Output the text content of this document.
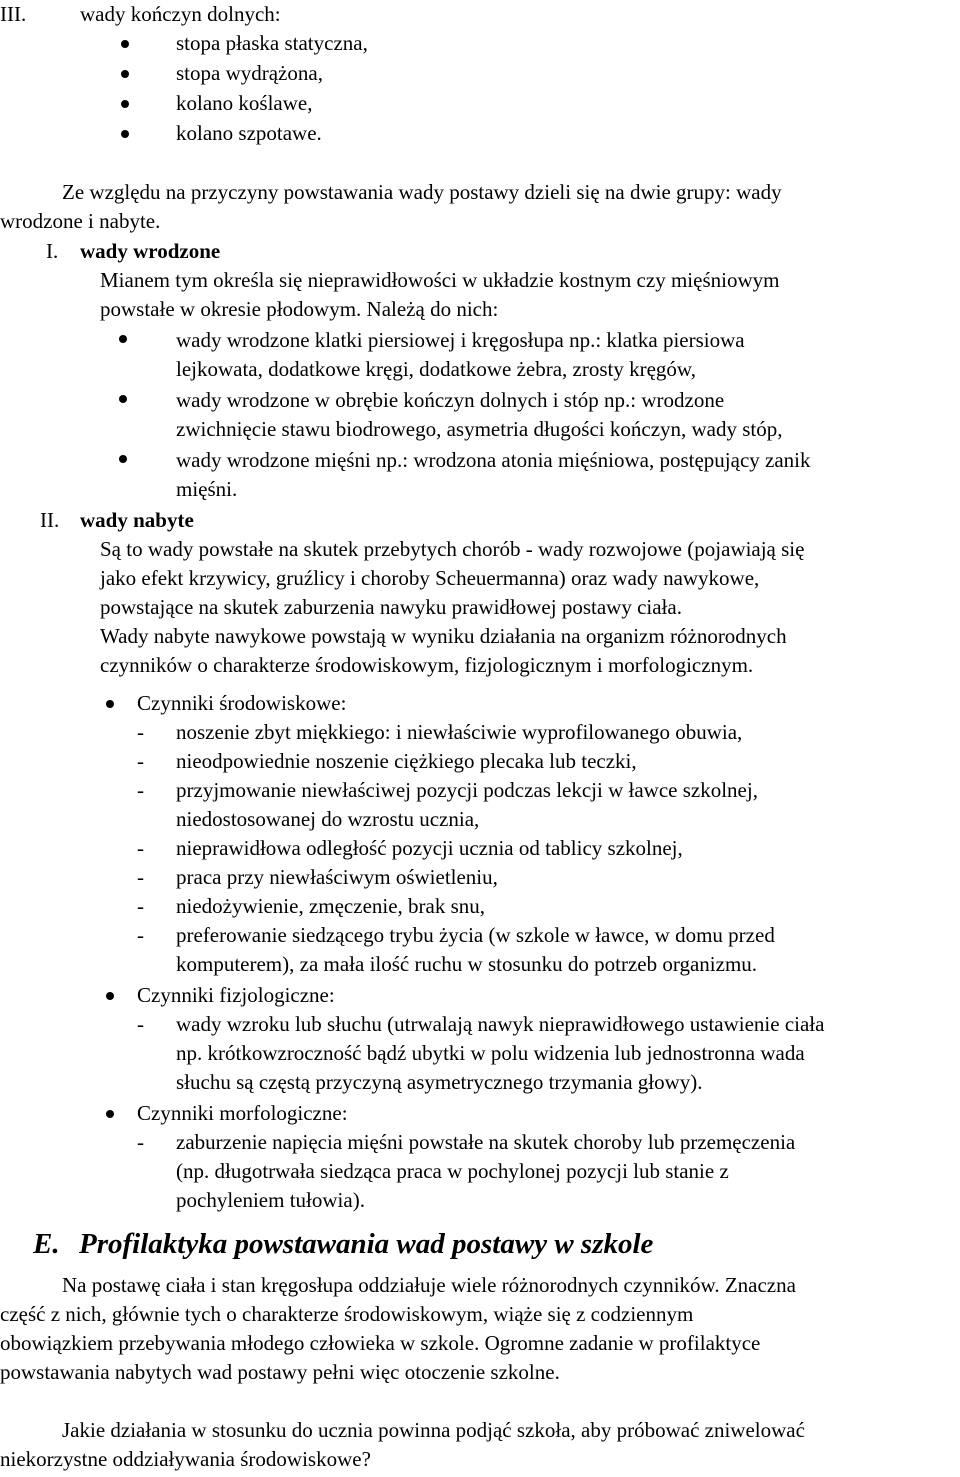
III.	wady kończyn dolnych:
stopa płaska statyczna,
stopa wydrążona,
kolano koślawe,
kolano szpotawe.
Ze względu na przyczyny powstawania wady postawy dzieli się na dwie grupy: wady
wrodzone i nabyte.
I. wady wrodzone
Mianem tym określa się nieprawidłowości w układzie kostnym czy mięśniowym
powstałe w okresie płodowym. Należą do nich:
wady wrodzone klatki piersiowej i kręgosłupa np.: klatka piersiowa
lejkowata, dodatkowe kręgi, dodatkowe żebra, zrosty kręgów,
wady wrodzone w obrębie kończyn dolnych i stóp np.: wrodzone
zwichnięcie stawu biodrowego, asymetria długości kończyn, wady stóp,
wady wrodzone mięśni np.: wrodzona atonia mięśniowa, postępujący zanik
mięśni.
II. wady nabyte
Są to wady powstałe na skutek przebytych chorób - wady rozwojowe (pojawiają się
jako efekt krzywicy, gruźlicy i choroby Scheuermanna) oraz wady nawykowe,
powstające na skutek zaburzenia nawyku prawidłowej postawy ciała.
Wady nabyte nawykowe powstają w wyniku działania na organizm różnorodnych
czynników o charakterze środowiskowym, fizjologicznym i morfologicznym.
Czynniki środowiskowe:
- noszenie zbyt miękkiego: i niewłaściwie wyprofilowanego obuwia,
- nieodpowiednie noszenie ciężkiego plecaka lub teczki,
- przyjmowanie niewłaściwej pozycji podczas lekcji w ławce szkolnej,
niedostosowanej do wzrostu ucznia,
- nieprawidłowa odległość pozycji ucznia od tablicy szkolnej,
- praca przy niewłaściwym oświetleniu,
- niedożywienie, zmęczenie, brak snu,
- preferowanie siedzącego trybu życia (w szkole w ławce, w domu przed
komputerem), za mała ilość ruchu w stosunku do potrzeb organizmu.
Czynniki fizjologiczne:
- wady wzroku lub słuchu (utrwalają nawyk nieprawidłowego ustawienie ciała
np. krótkowzroczność bądź ubytki w polu widzenia lub jednostronna wada
słuchu są częstą przyczyną asymetrycznego trzymania głowy).
Czynniki morfologiczne:
- zaburzenie napięcia mięśni powstałe na skutek choroby lub przemęczenia
(np. długotrwała siedząca praca w pochylonej pozycji lub stanie z
pochyleniem tułowia).
E. Profilaktyka powstawania wad postawy w szkole
Na postawę ciała i stan kręgosłupa oddziałuje wiele różnorodnych czynników. Znaczna
część z nich, głównie tych o charakterze środowiskowym, wiąże się z codziennym
obowiązkiem przebywania młodego człowieka w szkole. Ogromne zadanie w profilaktyce
powstawania nabytych wad postawy pełni więc otoczenie szkolne.
Jakie działania w stosunku do ucznia powinna podjąć szkoła, aby próbować zniwelować
niekorzystne oddziaływania środowiskowe?
